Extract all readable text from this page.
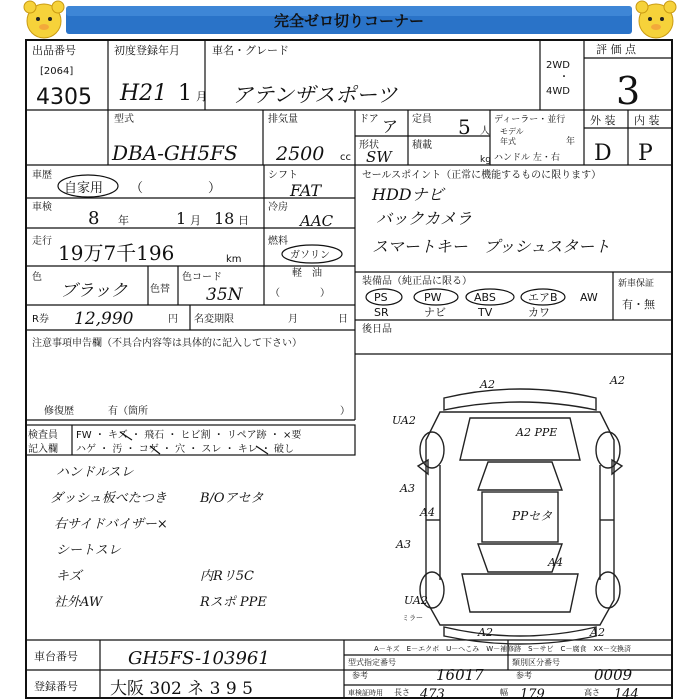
完全ゼロ切りコーナー
出品番号
[2064]
4305
初度登録年月
H21 1 月
車名・グレード
アテンザスポーツ
2WD
・
4WD
評 価 点
3
型式
DBA-GH5FS
排気量
2500 cc
ドア ア 定員 5 人
形状
SW
積載
kg
ディーラー・並行
モデル
年式	年
ハンドル 左・右
外 装 内 装
D P
車歴
自家用 （　　　　　）
シフト
FAT
車検
8 年	1 月 18 日
冷房
AAC
走行 19万7千196	km
燃料
ガソリン
軽　油
（　　　　）
色
ブラック 色替
色コード
35N
R券 12,990	円 名変期限	月	日
セールスポイント（正常に機能するものに限ります）
HDDナビ
バックカメラ
スマートキー　プッシュスタート
装備品（純正品に限る）	新車保証
有・無
PS	PW	ABS	エアB AW
SR	ナビ	TV	カワ
後日品
注意事項申告欄（不具合内容等は具体的に記入して下さい）
修復歴	有（箇所	）
検査員
記入欄
FW ・ キズ ・ 飛石 ・ ヒビ割 ・ リペア跡 ・ ×要
ハゲ ・ 汚 ・ コゲ ・ 穴 ・ スレ ・ キレ ・ 破し
ハンドルスレ
ダッシュ板べたつき
右サイドバイザー×
シートスレ
キズ
社外AW
B/Oアセタ
内Rリ5C
Rスポ PPE
A2	A2
UA2
A2 PPE
A3
A4	PPセタ
A3
A4
UA2
A2	A2
ミラー
A－キズ　E－エクボ　U－へこみ　W－補修跡　S－サビ　C－腐食　XX－交換済
車台番号	GH5FS-103961
登録番号 大阪 302 ネ 3 9 5
型式指定番号
参考	16017
類別区分番号
参考	0009
車検証時用 長さ 473	幅 179	高さ 144
